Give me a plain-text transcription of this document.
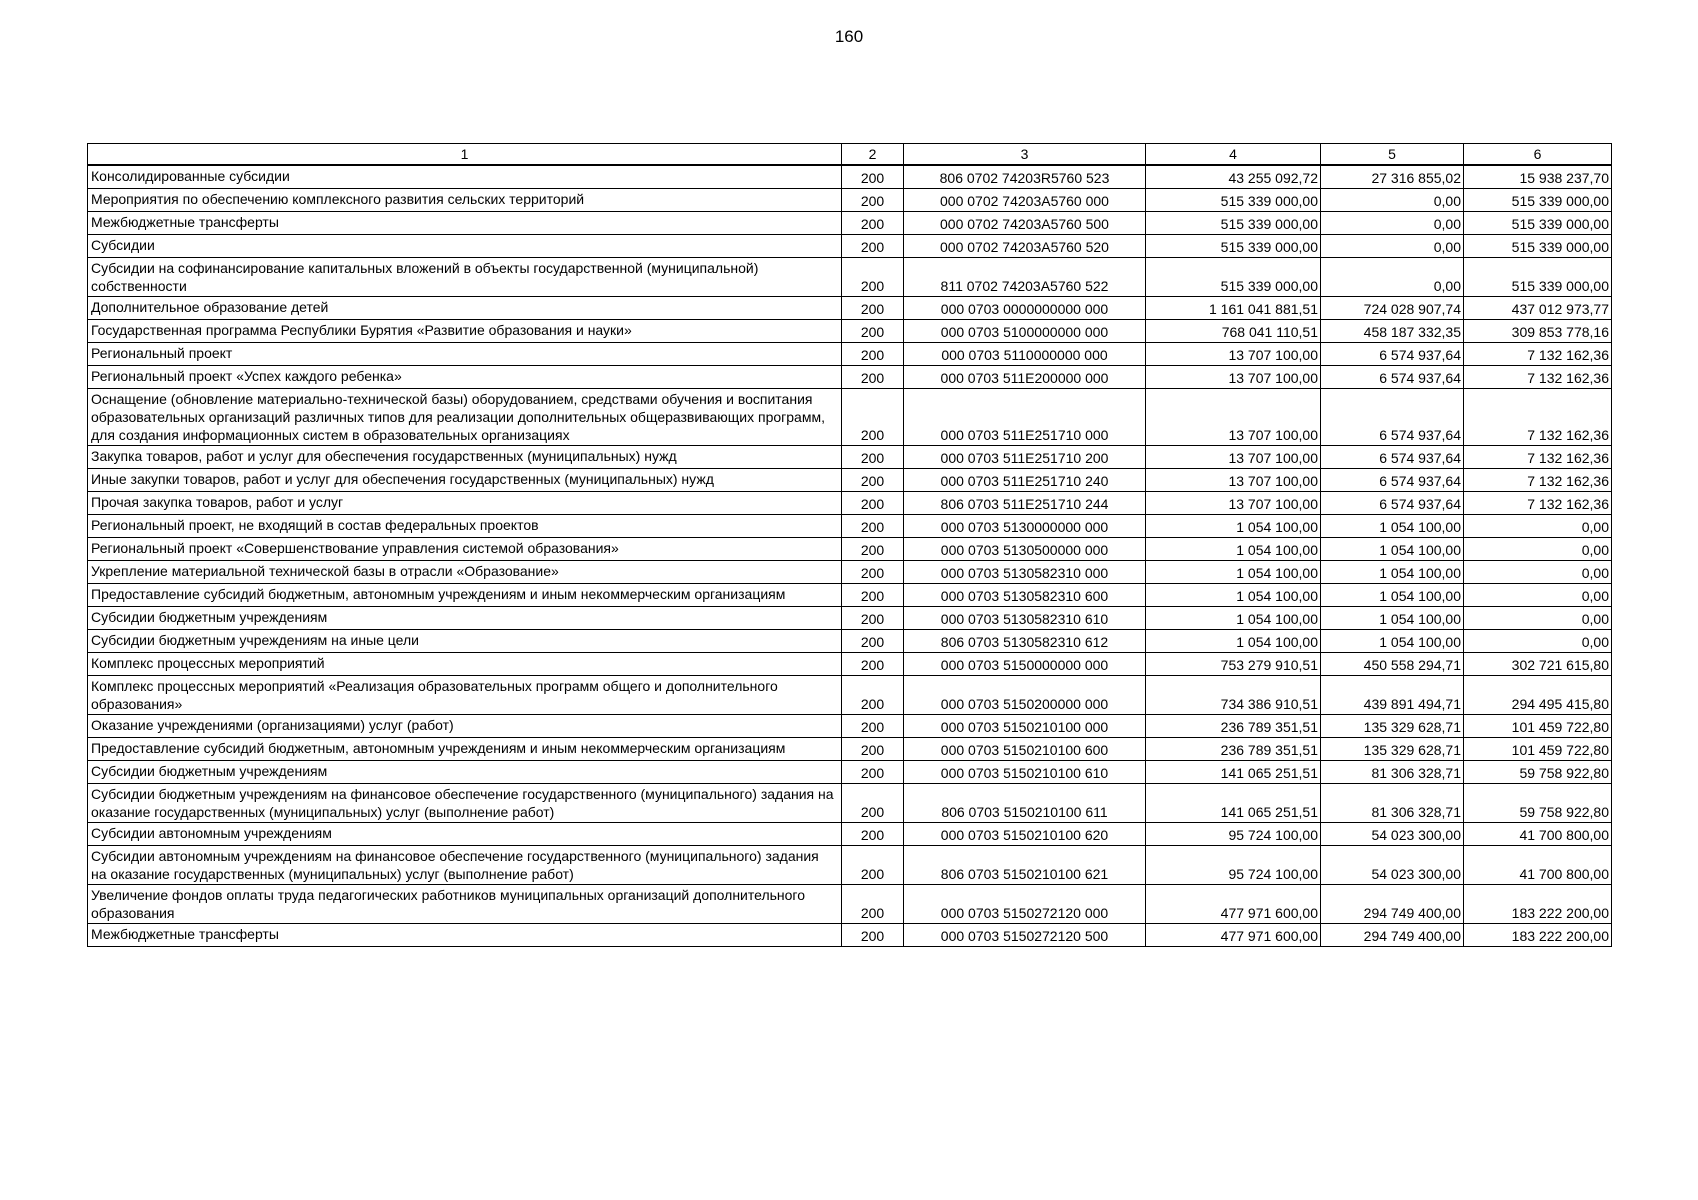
160
1	2	3	4	5	6
Консолидированные субсидии	200	806 0702 74203R5760 523	43 255 092,72	27 316 855,02	15 938 237,70
Мероприятия по обеспечению комплексного развития сельских территорий	200	000 0702 74203A5760 000	515 339 000,00	0,00	515 339 000,00
Межбюджетные трансферты	200	000 0702 74203A5760 500	515 339 000,00	0,00	515 339 000,00
Субсидии	200	000 0702 74203A5760 520	515 339 000,00	0,00	515 339 000,00
Субсидии на софинансирование капитальных вложений в объекты государственной (муниципальной) собственности	200	811 0702 74203A5760 522	515 339 000,00	0,00	515 339 000,00
Дополнительное образование детей	200	000 0703 0000000000 000	1 161 041 881,51	724 028 907,74	437 012 973,77
Государственная программа Республики Бурятия «Развитие образования и науки»	200	000 0703 5100000000 000	768 041 110,51	458 187 332,35	309 853 778,16
Региональный проект	200	000 0703 5110000000 000	13 707 100,00	6 574 937,64	7 132 162,36
Региональный проект «Успех каждого ребенка»	200	000 0703 511E200000 000	13 707 100,00	6 574 937,64	7 132 162,36
Оснащение (обновление материально-технической базы) оборудованием, средствами обучения и воспитания образовательных организаций различных типов для реализации дополнительных общеразвивающих программ, для создания информационных систем в образовательных организациях	200	000 0703 511E251710 000	13 707 100,00	6 574 937,64	7 132 162,36
Закупка товаров, работ и услуг для обеспечения государственных (муниципальных) нужд	200	000 0703 511E251710 200	13 707 100,00	6 574 937,64	7 132 162,36
Иные закупки товаров, работ и услуг для обеспечения государственных (муниципальных) нужд	200	000 0703 511E251710 240	13 707 100,00	6 574 937,64	7 132 162,36
Прочая закупка товаров, работ и услуг	200	806 0703 511E251710 244	13 707 100,00	6 574 937,64	7 132 162,36
Региональный проект, не входящий в состав федеральных проектов	200	000 0703 5130000000 000	1 054 100,00	1 054 100,00	0,00
Региональный проект «Совершенствование управления системой образования»	200	000 0703 5130500000 000	1 054 100,00	1 054 100,00	0,00
Укрепление материальной технической базы в отрасли «Образование»	200	000 0703 5130582310 000	1 054 100,00	1 054 100,00	0,00
Предоставление субсидий бюджетным, автономным учреждениям и иным некоммерческим организациям	200	000 0703 5130582310 600	1 054 100,00	1 054 100,00	0,00
Субсидии бюджетным учреждениям	200	000 0703 5130582310 610	1 054 100,00	1 054 100,00	0,00
Субсидии бюджетным учреждениям на иные цели	200	806 0703 5130582310 612	1 054 100,00	1 054 100,00	0,00
Комплекс процессных мероприятий	200	000 0703 5150000000 000	753 279 910,51	450 558 294,71	302 721 615,80
Комплекс процессных мероприятий «Реализация образовательных программ общего и дополнительного образования»	200	000 0703 5150200000 000	734 386 910,51	439 891 494,71	294 495 415,80
Оказание учреждениями (организациями) услуг (работ)	200	000 0703 5150210100 000	236 789 351,51	135 329 628,71	101 459 722,80
Предоставление субсидий бюджетным, автономным учреждениям и иным некоммерческим организациям	200	000 0703 5150210100 600	236 789 351,51	135 329 628,71	101 459 722,80
Субсидии бюджетным учреждениям	200	000 0703 5150210100 610	141 065 251,51	81 306 328,71	59 758 922,80
Субсидии бюджетным учреждениям на финансовое обеспечение государственного (муниципального) задания на оказание государственных (муниципальных) услуг (выполнение работ)	200	806 0703 5150210100 611	141 065 251,51	81 306 328,71	59 758 922,80
Субсидии автономным учреждениям	200	000 0703 5150210100 620	95 724 100,00	54 023 300,00	41 700 800,00
Субсидии автономным учреждениям на финансовое обеспечение государственного (муниципального) задания на оказание государственных (муниципальных) услуг (выполнение работ)	200	806 0703 5150210100 621	95 724 100,00	54 023 300,00	41 700 800,00
Увеличение фондов оплаты труда педагогических работников муниципальных организаций дополнительного образования	200	000 0703 5150272120 000	477 971 600,00	294 749 400,00	183 222 200,00
Межбюджетные трансферты	200	000 0703 5150272120 500	477 971 600,00	294 749 400,00	183 222 200,00
